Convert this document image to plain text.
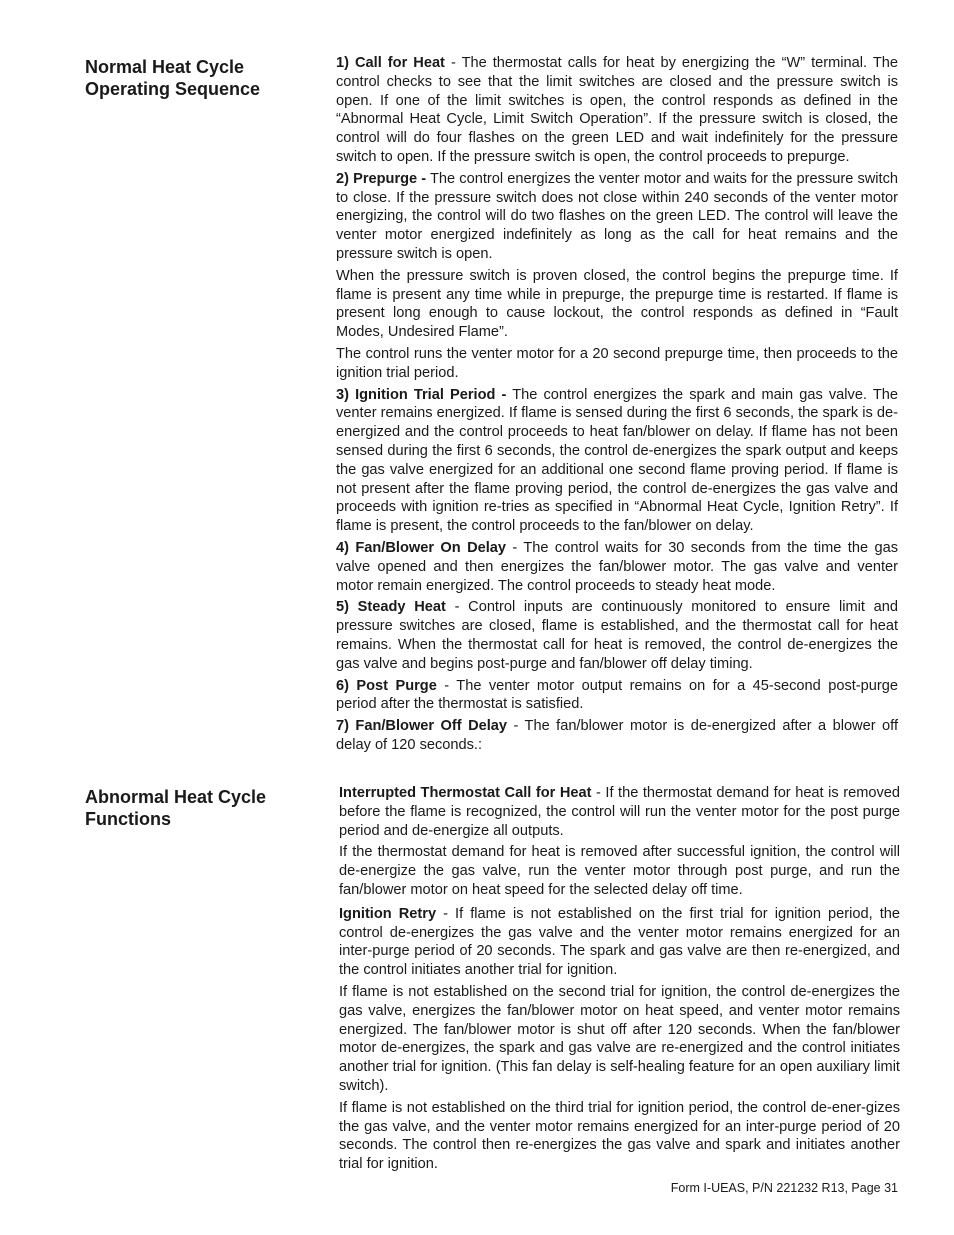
Normal Heat Cycle
Operating Sequence

1) Call for Heat - The thermostat calls for heat by energizing the “W” terminal. The control checks to see that the limit switches are closed and the pressure switch is open. If one of the limit switches is open, the control responds as defined in the “Abnormal Heat Cycle, Limit Switch Operation”. If the pressure switch is closed, the control will do four flashes on the green LED and wait indefinitely for the pressure switch to open. If the pressure switch is open, the control proceeds to prepurge.

2) Prepurge - The control energizes the venter motor and waits for the pressure switch to close. If the pressure switch does not close within 240 seconds of the venter motor energizing, the control will do two flashes on the green LED. The control will leave the venter motor energized indefinitely as long as the call for heat remains and the pressure switch is open.

When the pressure switch is proven closed, the control begins the prepurge time. If flame is present any time while in prepurge, the prepurge time is restarted. If flame is present long enough to cause lockout, the control responds as defined in “Fault Modes, Undesired Flame”.

The control runs the venter motor for a 20 second prepurge time, then proceeds to the ignition trial period.

3) Ignition Trial Period - The control energizes the spark and main gas valve. The venter remains energized. If flame is sensed during the first 6 seconds, the spark is de-energized and the control proceeds to heat fan/blower on delay. If flame has not been sensed during the first 6 seconds, the control de-energizes the spark output and keeps the gas valve energized for an additional one second flame proving period. If flame is not present after the flame proving period, the control de-energizes the gas valve and proceeds with ignition re-tries as specified in “Abnormal Heat Cycle, Ignition Retry”. If flame is present, the control proceeds to the fan/blower on delay.

4) Fan/Blower On Delay - The control waits for 30 seconds from the time the gas valve opened and then energizes the fan/blower motor. The gas valve and venter motor remain energized. The control proceeds to steady heat mode.

5) Steady Heat - Control inputs are continuously monitored to ensure limit and pressure switches are closed, flame is established, and the thermostat call for heat remains. When the thermostat call for heat is removed, the control de-energizes the gas valve and begins post-purge and fan/blower off delay timing.

6) Post Purge - The venter motor output remains on for a 45-second post-purge period after the thermostat is satisfied.

7) Fan/Blower Off Delay - The fan/blower motor is de-energized after a blower off delay of 120 seconds.:

Abnormal Heat Cycle
Functions

Interrupted Thermostat Call for Heat - If the thermostat demand for heat is removed before the flame is recognized, the control will run the venter motor for the post purge period and de-energize all outputs.

If the thermostat demand for heat is removed after successful ignition, the control will de-energize the gas valve, run the venter motor through post purge, and run the fan/blower motor on heat speed for the selected delay off time.

Ignition Retry - If flame is not established on the first trial for ignition period, the control de-energizes the gas valve and the venter motor remains energized for an inter-purge period of 20 seconds. The spark and gas valve are then re-energized, and the control initiates another trial for ignition.

If flame is not established on the second trial for ignition, the control de-energizes the gas valve, energizes the fan/blower motor on heat speed, and venter motor remains energized. The fan/blower motor is shut off after 120 seconds. When the fan/blower motor de-energizes, the spark and gas valve are re-energized and the control initiates another trial for ignition. (This fan delay is self-healing feature for an open auxiliary limit switch).

If flame is not established on the third trial for ignition period, the control de-ener-gizes the gas valve, and the venter motor remains energized for an inter-purge period of 20 seconds. The control then re-energizes the gas valve and spark and initiates another trial for ignition.

Form I-UEAS, P/N 221232 R13, Page 31
